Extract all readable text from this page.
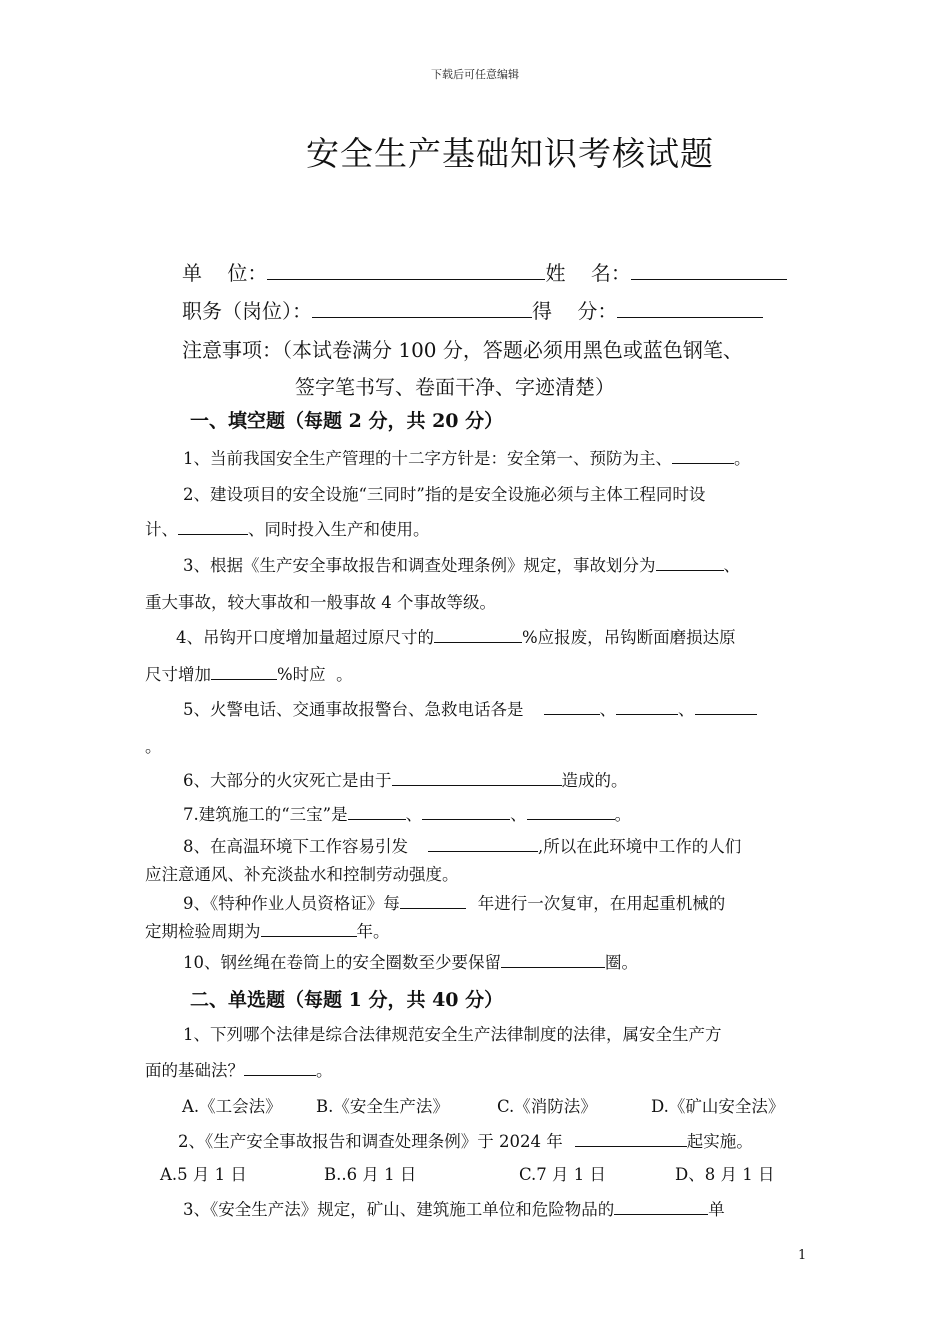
下载后可任意编辑
安全生产基础知识考核试题
单    位：	姓    名：
职务（岗位）：	得    分：
注意事项：（本试卷满分 100 分，答题必须用黑色或蓝色钢笔、
签字笔书写、卷面干净、字迹清楚）
一、填空题（每题 2 分，共 20 分）
1、当前我国安全生产管理的十二字方针是：安全第一、预防为主、	。
2、建设项目的安全设施“三同时”指的是安全设施必须与主体工程同时设
计、	、同时投入生产和使用。
3、根据《生产安全事故报告和调查处理条例》规定，事故划分为	、
重大事故，较大事故和一般事故 4 个事故等级。
4、吊钩开口度增加量超过原尺寸的	%应报废，吊钩断面磨损达原
尺寸增加	%时应  。
5、火警电话、交通事故报警台、急救电话各是	、	、
。
6、大部分的火灾死亡是由于	造成的。
7.建筑施工的“三宝”是	、	、	。
8、在高温环境下工作容易引发	,所以在此环境中工作的人们
应注意通风、补充淡盐水和控制劳动强度。
9、《特种作业人员资格证》每	年进行一次复审，在用起重机械的
定期检验周期为	年。
10、钢丝绳在卷筒上的安全圈数至少要保留	圈。
二、单选题（每题 1 分，共 40 分）
1、下列哪个法律是综合法律规范安全生产法律制度的法律，属安全生产方
面的基础法？	。
A.《工会法》 B.《安全生产法》	C.《消防法》	D.《矿山安全法》
2、《生产安全事故报告和调查处理条例》于 2024 年	起实施。
A.5 月 1 日	B..6 月 1 日	C.7 月 1 日	D、8 月 1 日
3、《安全生产法》规定，矿山、建筑施工单位和危险物品的	单
1
